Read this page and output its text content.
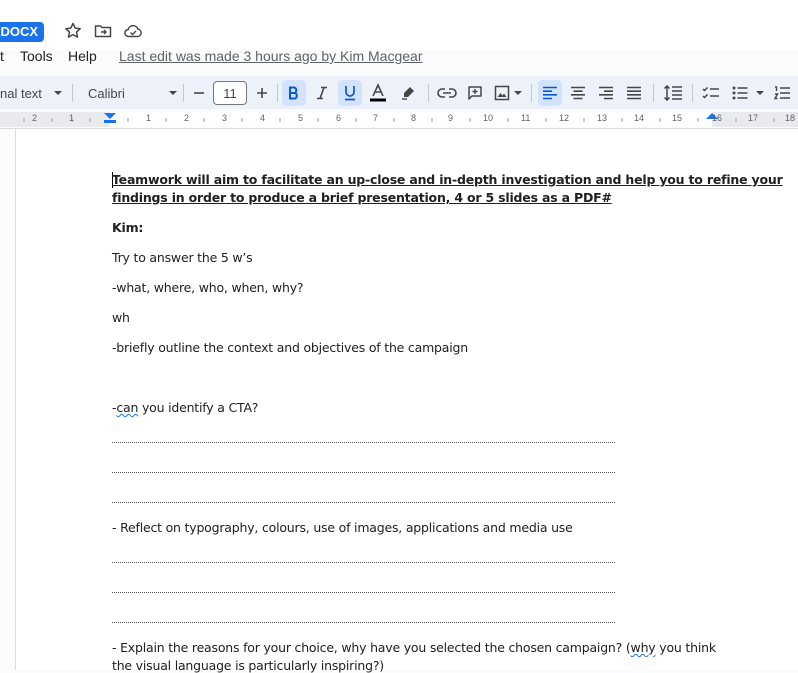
DOCX
t Tools Help Last edit was made 3 hours ago by Kim Macgear
nal text	Calibri	11
2	1	1	2	3	4	5	6	7	8	9	10	11	12	13	14	15	16	17	18
Teamwork will aim to facilitate an up-close and in-depth investigation and help you to refine your
findings in order to produce a brief presentation, 4 or 5 slides as a PDF#
Kim:
Try to answer the 5 w’s
-what, where, who, when, why?
wh
-briefly outline the context and objectives of the campaign
-can you identify a CTA?
- Reflect on typography, colours, use of images, applications and media use
- Explain the reasons for your choice, why have you selected the chosen campaign? (why you think
the visual language is particularly inspiring?)
